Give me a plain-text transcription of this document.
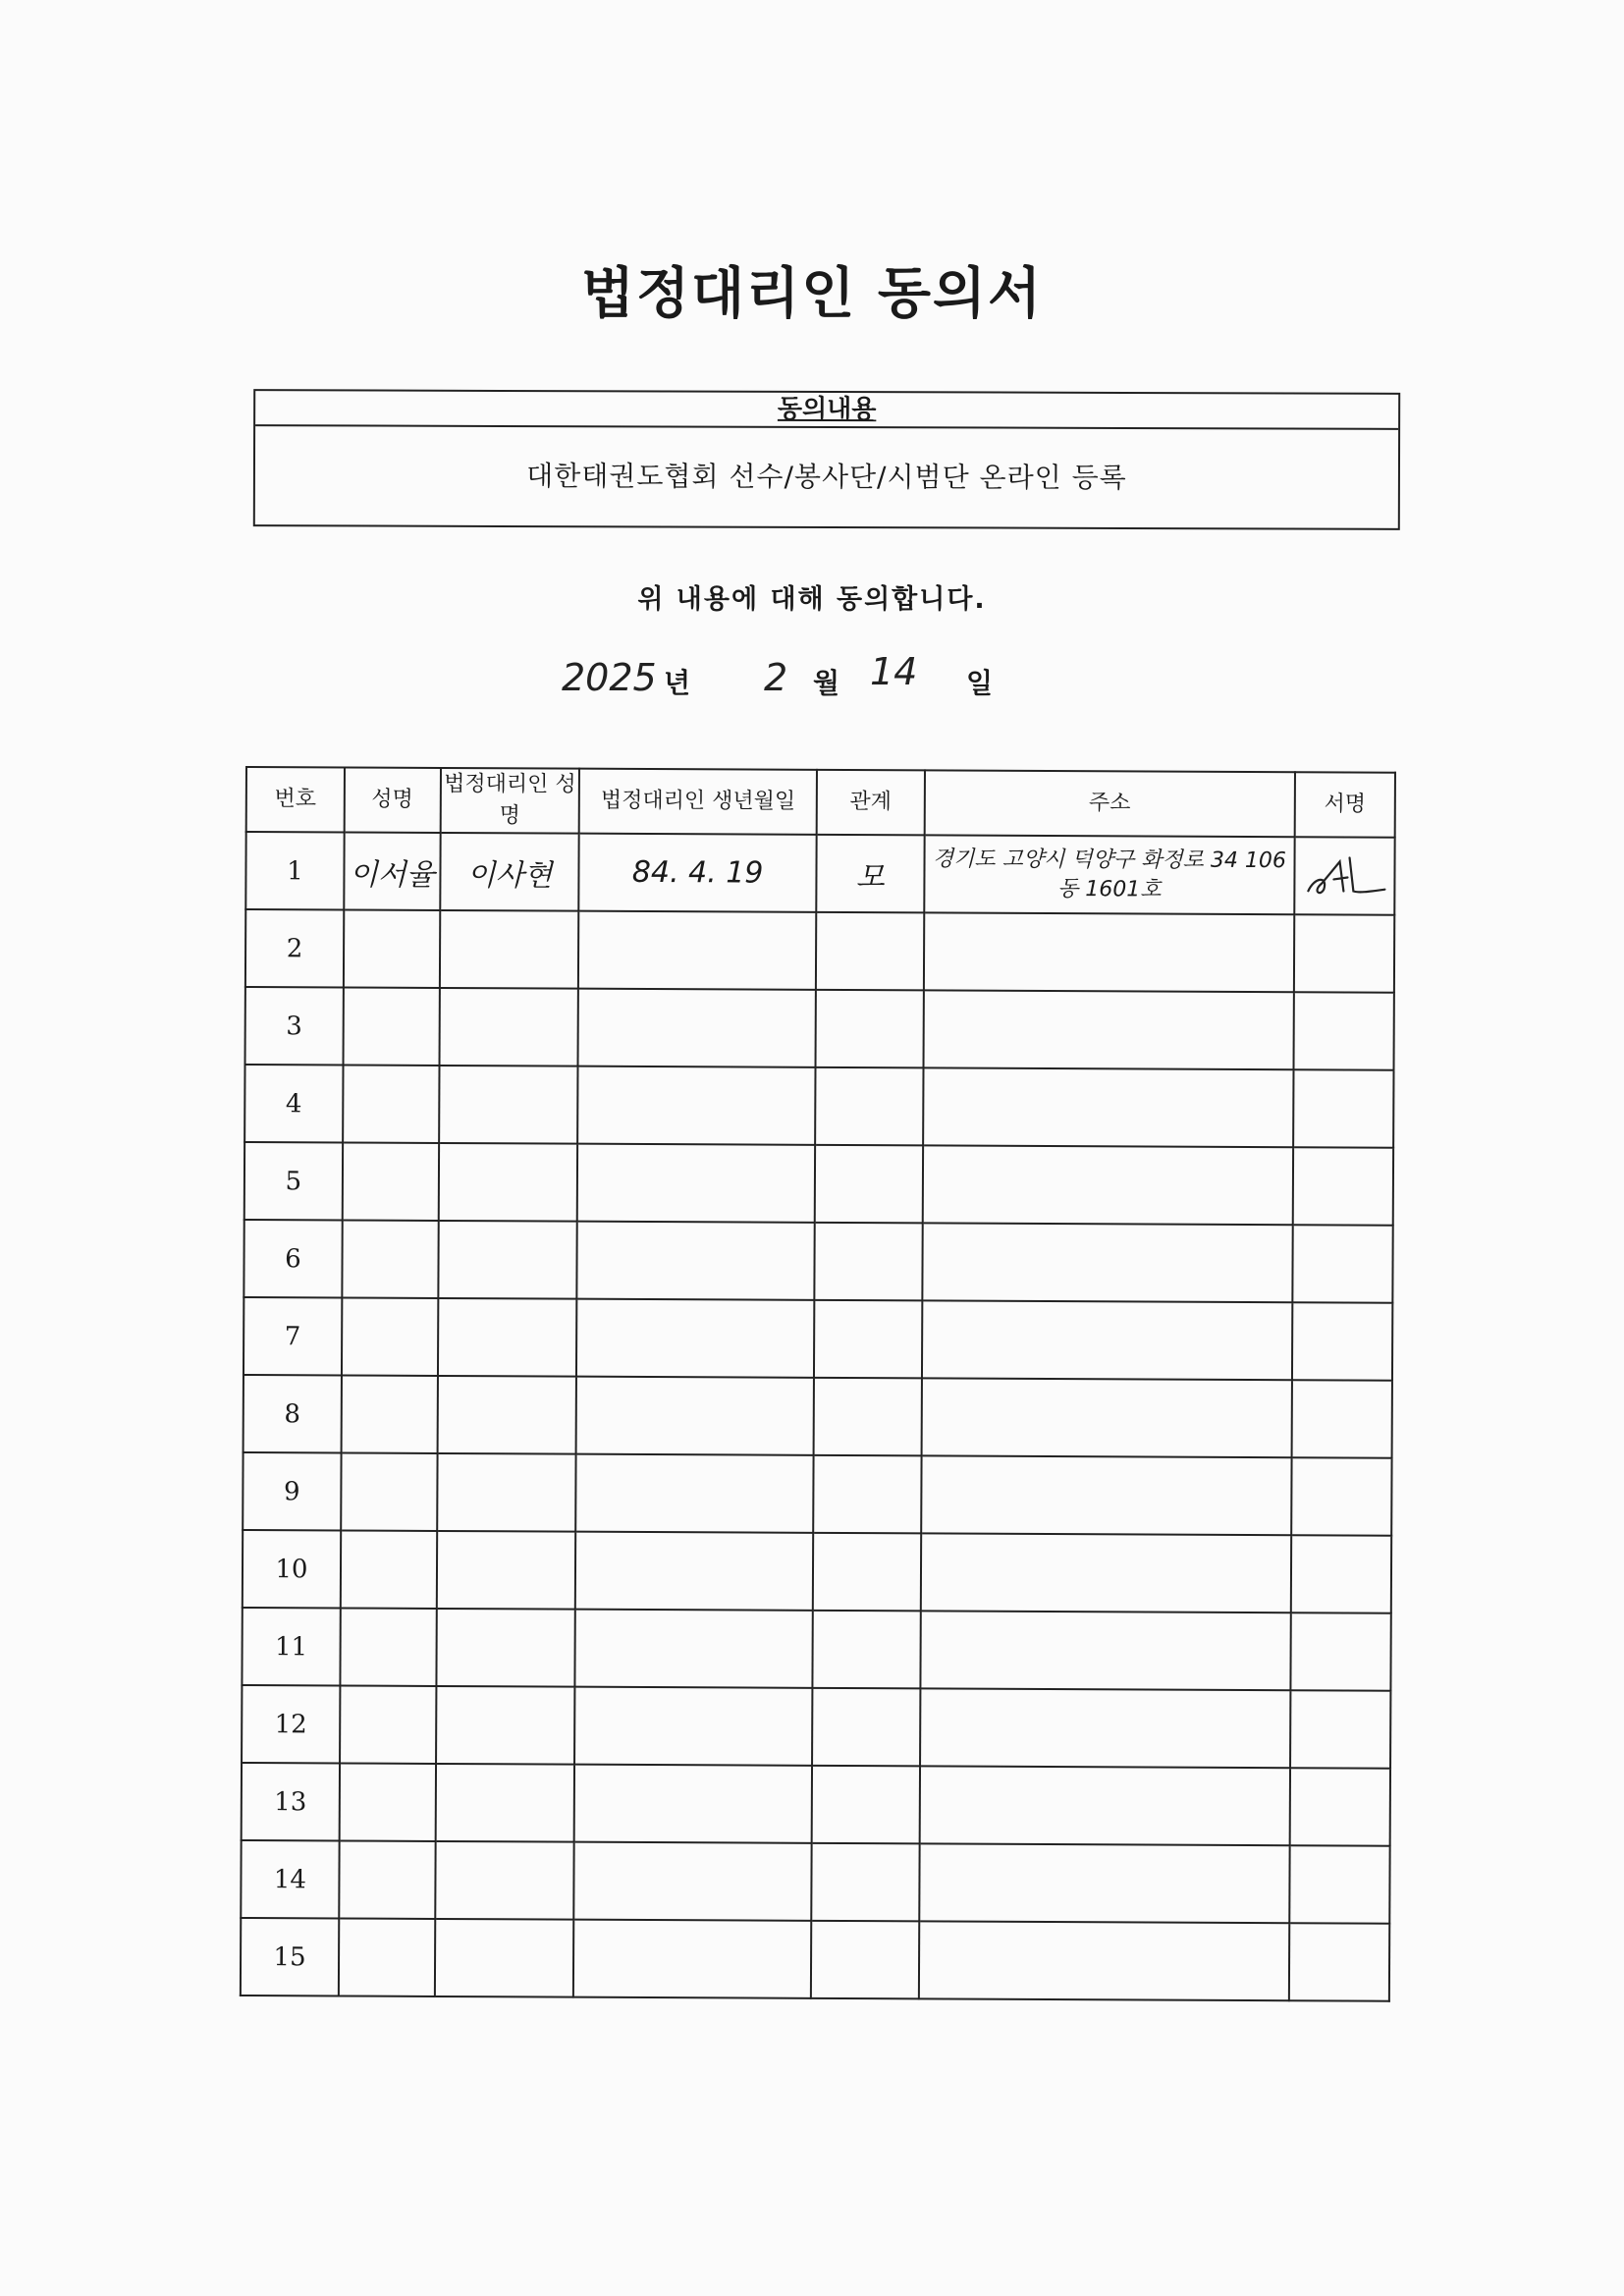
법정대리인 동의서
동의내용
대한태권도협회 선수/봉사단/시범단 온라인 등록
위 내용에 대해 동의합니다.
2025 년 2 월 14 일
번호	성명	법정대리인 성명	법정대리인 생년월일	관계	주소	서명
1	이서율	이사현	84. 4. 19	모	경기도 고양시 덕양구 화정로 34 106동 1601호	

2						
3						
4						
5						
6						
7						
8						
9						
10						
11						
12						
13						
14						
15						
